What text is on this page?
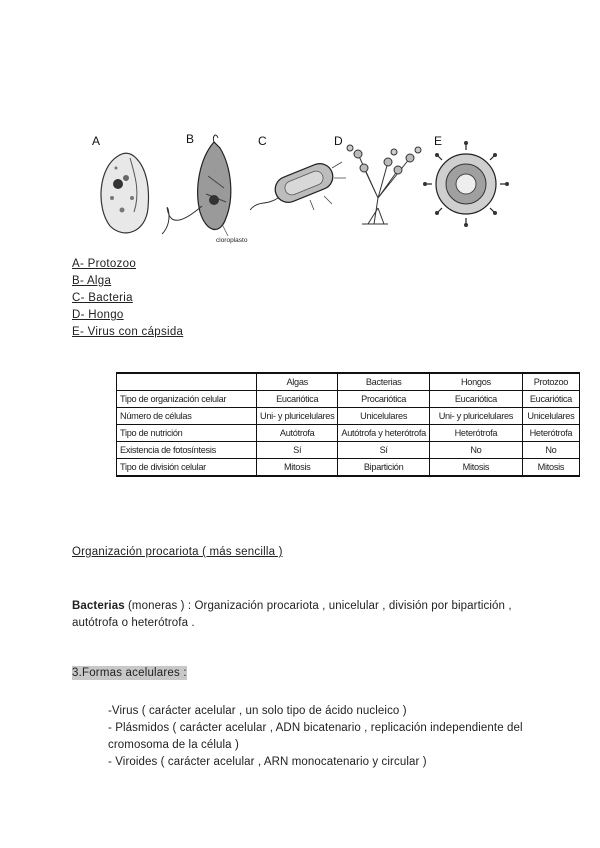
A	B	C	D	E
cloroplasto
A- Protozoo
B- Alga
C- Bacteria
D- Hongo
E- Virus con cápsida
	Algas	Bacterias	Hongos	Protozoo
Tipo de organización celular	Eucariótica	Procariótica	Eucariótica	Eucariótica
Número de células	Uni- y pluricelulares	Unicelulares	Uni- y pluricelulares	Unicelulares
Tipo de nutrición	Autótrofa	Autótrofa y heterótrofa	Heterótrofa	Heterótrofa
Existencia de fotosíntesis	Sí	Sí	No	No
Tipo de división celular	Mitosis	Bipartición	Mitosis	Mitosis
Organización procariota ( más sencilla )
Bacterias (moneras ) : Organización procariota , unicelular , división por bipartición , autótrofa o heterótrofa .
3.Formas acelulares :
-Virus ( carácter acelular , un solo tipo de ácido nucleico )
- Plásmidos ( carácter acelular , ADN bicatenario , replicación independiente del cromosoma de la célula )
- Viroides ( carácter acelular , ARN monocatenario y circular )
